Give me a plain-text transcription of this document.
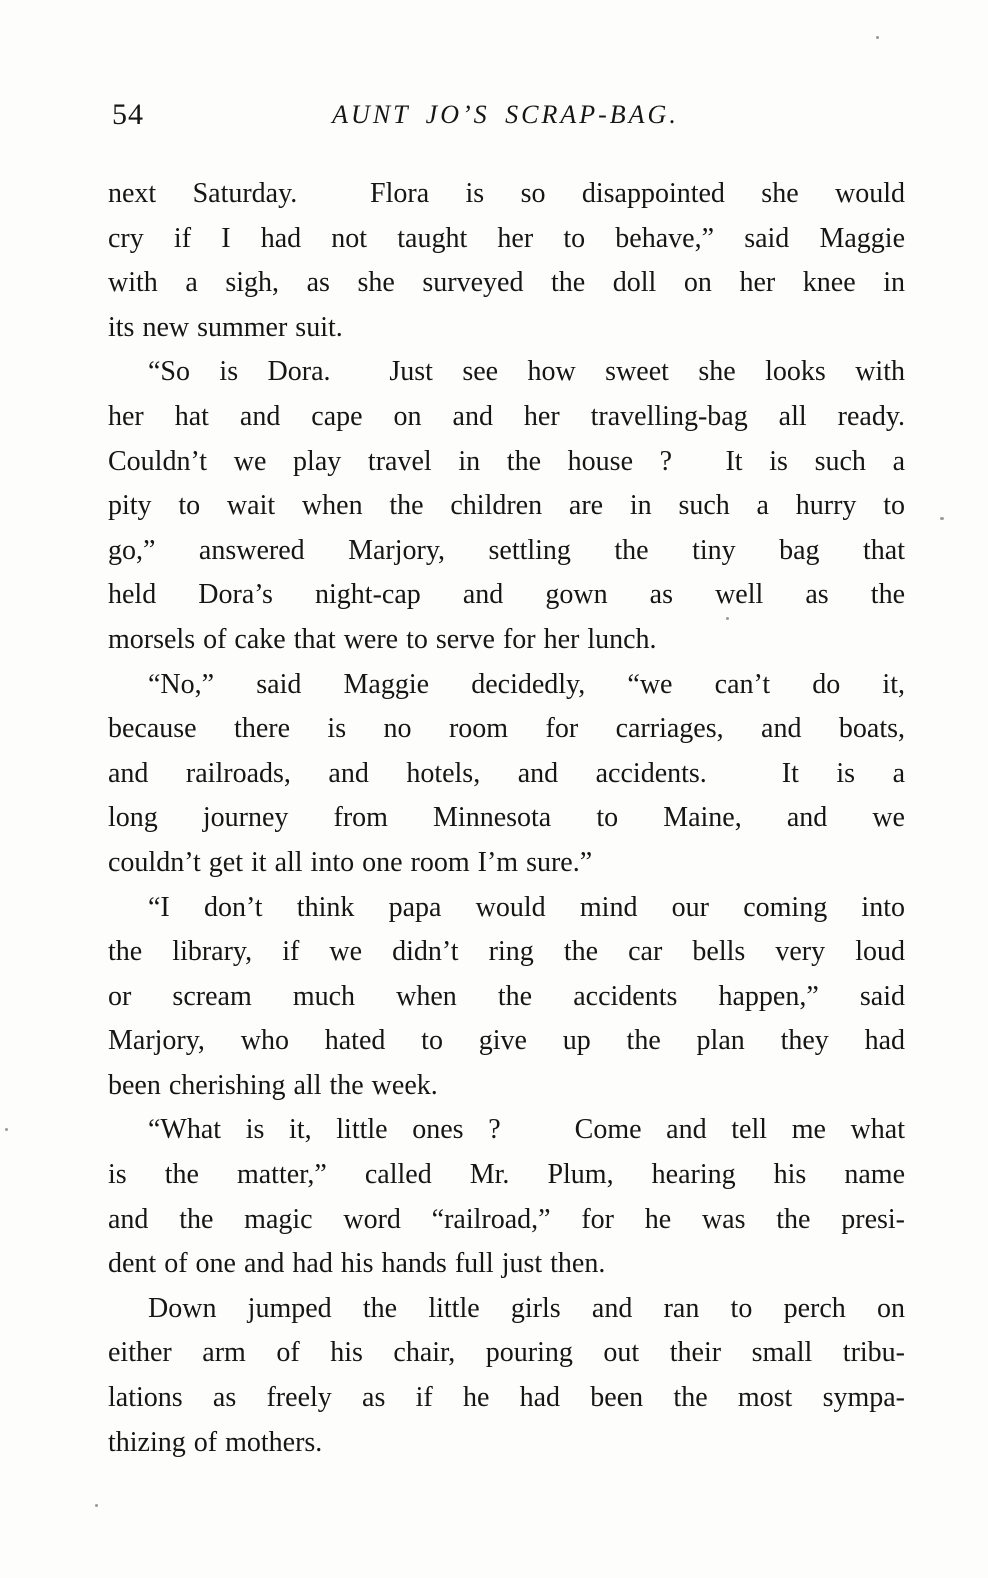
54	AUNT JO’S SCRAP-BAG.
next Saturday.  Flora is so disappointed she would
cry if I had not taught her to behave,” said Maggie
with a sigh, as she surveyed the doll on her knee in
its new summer suit.
“So is Dora.  Just see how sweet she looks with
her hat and cape on and her travelling-bag all ready.
Couldn’t we play travel in the house ?  It is such a
pity to wait when the children are in such a hurry to
go,” answered Marjory, settling the tiny bag that
held Dora’s night-cap and gown as well as the
morsels of cake that were to serve for her lunch.
“No,” said Maggie decidedly, “we can’t do it,
because there is no room for carriages, and boats,
and railroads, and hotels, and accidents.  It is a
long journey from Minnesota to Maine, and we
couldn’t get it all into one room I’m sure.”
“I don’t think papa would mind our coming into
the library, if we didn’t ring the car bells very loud
or scream much when the accidents happen,” said
Marjory, who hated to give up the plan they had
been cherishing all the week.
“What is it, little ones ?   Come and tell me what
is the matter,” called Mr. Plum, hearing his name
and the magic word “railroad,” for he was the presi-
dent of one and had his hands full just then.
Down jumped the little girls and ran to perch on
either arm of his chair, pouring out their small tribu-
lations as freely as if he had been the most sympa-
thizing of mothers.
